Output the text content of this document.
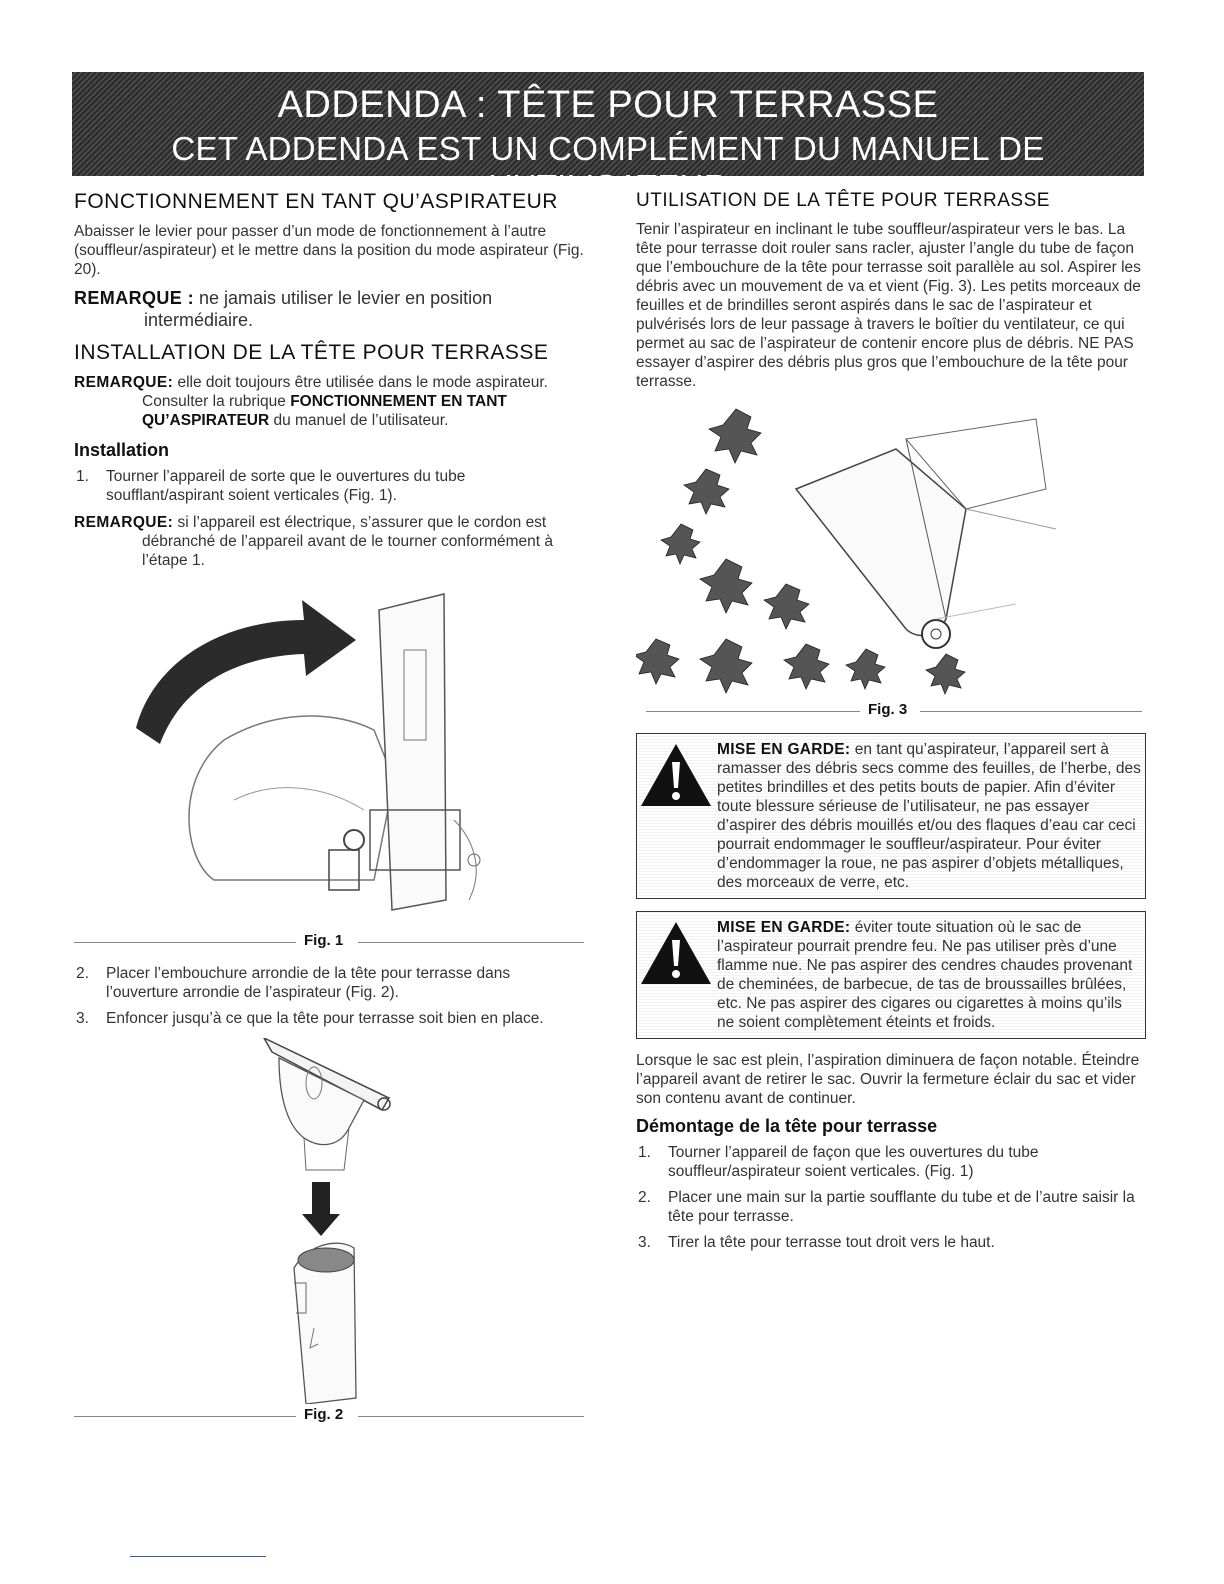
ADDENDA : TÊTE POUR TERRASSE
CET ADDENDA EST UN COMPLÉMENT DU MANUEL DE L’UTILISATEUR
FONCTIONNEMENT EN TANT QU’ASPIRATEUR

Abaisser le levier pour passer d’un mode de fonctionnement à l’autre (souffleur/aspirateur) et le mettre dans la position du mode aspirateur (Fig. 20).

REMARQUE : ne jamais utiliser le levier en position intermédiaire.
INSTALLATION DE LA TÊTE POUR TERRASSE
REMARQUE: elle doit toujours être utilisée dans le mode aspirateur. Consulter la rubrique FONCTIONNEMENT EN TANT QU’ASPIRATEUR du manuel de l’utilisateur.
Installation
1. Tourner l’appareil de sorte que le ouvertures du tube soufflant/aspirant soient verticales (Fig. 1).
REMARQUE: si l’appareil est électrique, s’assurer que le cordon est débranché de l’appareil avant de le tourner conformément à l’étape 1.
Fig. 1
2. Placer l’embouchure arrondie de la tête pour terrasse dans l’ouverture arrondie de l’aspirateur (Fig. 2).
3. Enfoncer jusqu’à ce que la tête pour terrasse soit bien en place.
Fig. 2
UTILISATION DE LA TÊTE POUR TERRASSE

Tenir l’aspirateur en inclinant le tube souffleur/aspirateur vers le bas. La tête pour terrasse doit rouler sans racler, ajuster l’angle du tube de façon que l’embouchure de la tête pour terrasse soit parallèle au sol. Aspirer les débris avec un mouvement de va et vient (Fig. 3). Les petits morceaux de feuilles et de brindilles seront aspirés dans le sac de l’aspirateur et pulvérisés lors de leur passage à travers le boîtier du ventilateur, ce qui permet au sac de l’aspirateur de contenir encore plus de débris. NE PAS essayer d’aspirer des débris plus gros que l’embouchure de la tête pour terrasse.

Fig. 3
MISE EN GARDE: en tant qu’aspirateur, l’appareil sert à ramasser des débris secs comme des feuilles, de l’herbe, des petites brindilles et des petits bouts de papier. Afin d’éviter toute blessure sérieuse de l’utilisateur, ne pas essayer d’aspirer des débris mouillés et/ou des flaques d’eau car ceci pourrait endommager le souffleur/aspirateur. Pour éviter d’endommager la roue, ne pas aspirer d’objets métalliques, des morceaux de verre, etc.
MISE EN GARDE: éviter toute situation où le sac de l’aspirateur pourrait prendre feu. Ne pas utiliser près d’une flamme nue. Ne pas aspirer des cendres chaudes provenant de cheminées, de barbecue, de tas de broussailles brûlées, etc. Ne pas aspirer des cigares ou cigarettes à moins qu’ils ne soient complètement éteints et froids.

Lorsque le sac est plein, l’aspiration diminuera de façon notable. Éteindre l’appareil avant de retirer le sac. Ouvrir la fermeture éclair du sac et vider son contenu avant de continuer.

Démontage de la tête pour terrasse
1. Tourner l’appareil de façon que les ouvertures du tube souffleur/aspirateur soient verticales. (Fig. 1)
2. Placer une main sur la partie soufflante du tube et de l’autre saisir la tête pour terrasse.
3. Tirer la tête pour terrasse tout droit vers le haut.
